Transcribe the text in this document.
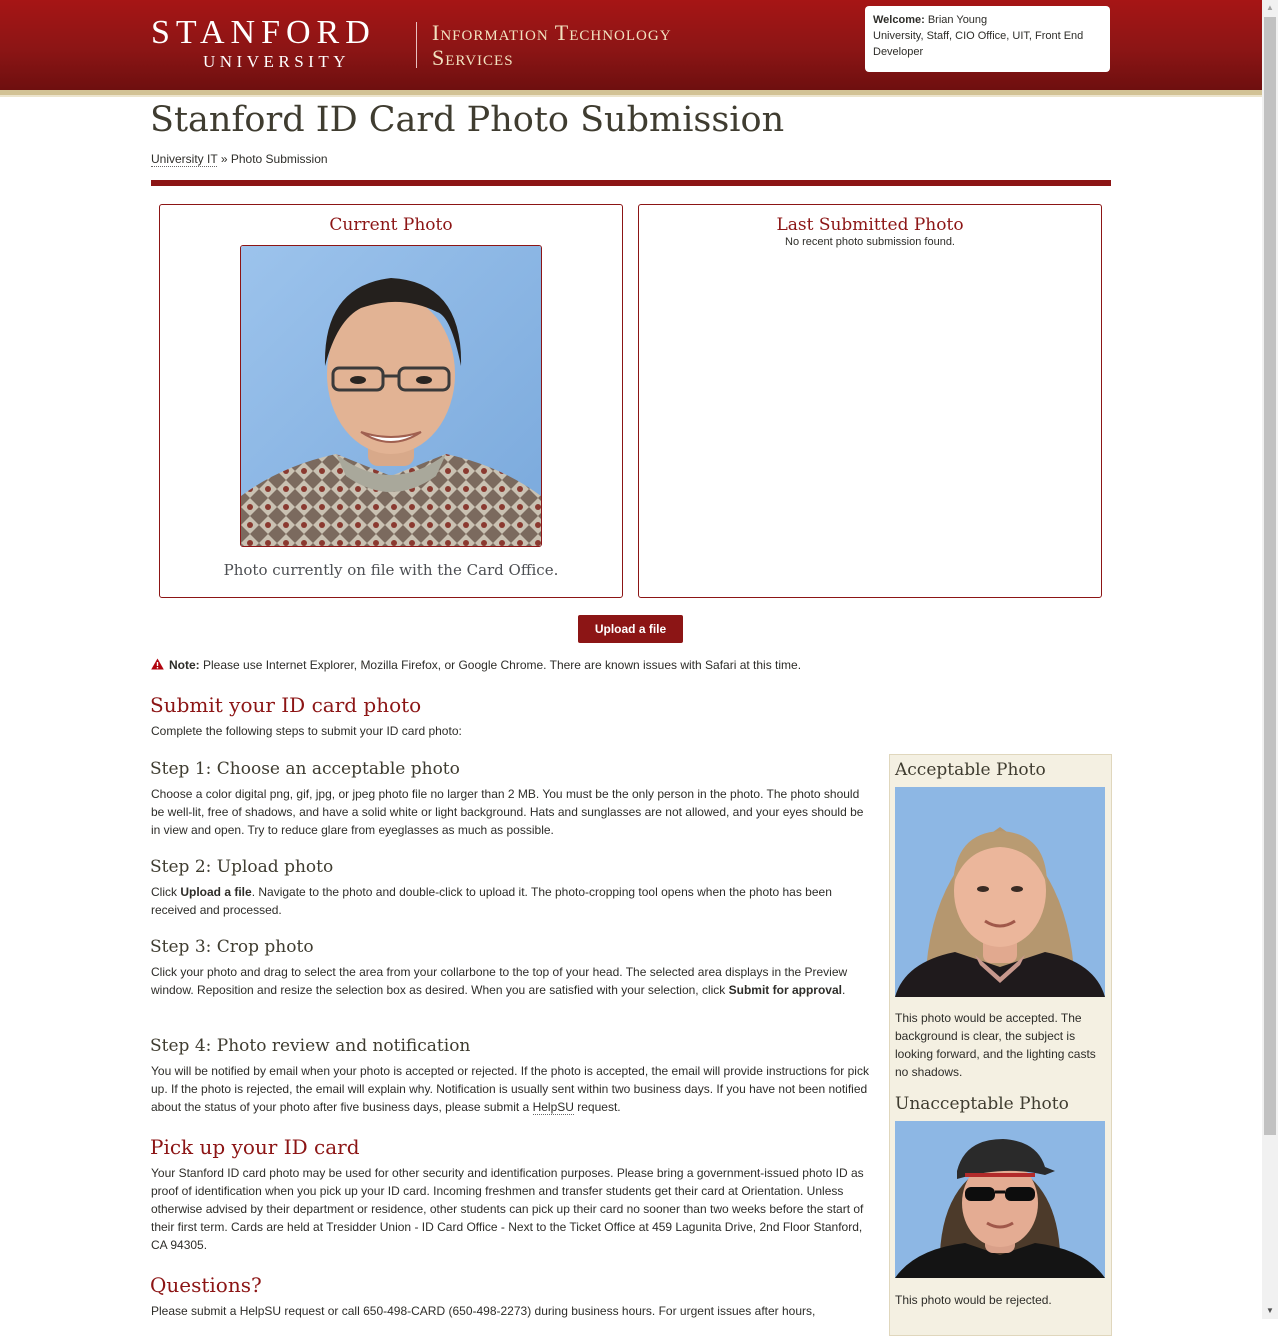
STANFORD
UNIVERSITY
Information Technology
Services
Welcome: Brian Young
University, Staff, CIO Office, UIT, Front End Developer
▲
▼
Stanford ID Card Photo Submission
University IT » Photo Submission
Current Photo
Photo currently on file with the Card Office.
Last Submitted Photo
No recent photo submission found.
Upload a file
Note: Please use Internet Explorer, Mozilla Firefox, or Google Chrome. There are known issues with Safari at this time.
Submit your ID card photo

Complete the following steps to submit your ID card photo:

Step 1: Choose an acceptable photo

Choose a color digital png, gif, jpg, or jpeg photo file no larger than 2 MB. You must be the only person in the photo. The photo should be well-lit, free of shadows, and have a solid white or light background. Hats and sunglasses are not allowed, and your eyes should be in view and open. Try to reduce glare from eyeglasses as much as possible.

Step 2: Upload photo

Click Upload a file. Navigate to the photo and double-click to upload it. The photo-cropping tool opens when the photo has been received and processed.

Step 3: Crop photo

Click your photo and drag to select the area from your collarbone to the top of your head. The selected area displays in the Preview window. Reposition and resize the selection box as desired. When you are satisfied with your selection, click Submit for approval.

Step 4: Photo review and notification

You will be notified by email when your photo is accepted or rejected. If the photo is accepted, the email will provide instructions for pick up. If the photo is rejected, the email will explain why. Notification is usually sent within two business days. If you have not been notified about the status of your photo after five business days, please submit a HelpSU request.

Pick up your ID card

Your Stanford ID card photo may be used for other security and identification purposes. Please bring a government-issued photo ID as proof of identification when you pick up your ID card. Incoming freshmen and transfer students get their card at Orientation. Unless otherwise advised by their department or residence, other students can pick up their card no sooner than two weeks before the start of their first term. Cards are held at Tresidder Union - ID Card Office - Next to the Ticket Office at 459 Lagunita Drive, 2nd Floor Stanford, CA 94305.

Questions?

Please submit a HelpSU request or call 650-498-CARD (650-498-2273) during business hours. For urgent issues after hours,

Acceptable Photo
This photo would be accepted. The background is clear, the subject is looking forward, and the lighting casts no shadows.
Unacceptable Photo
This photo would be rejected.
